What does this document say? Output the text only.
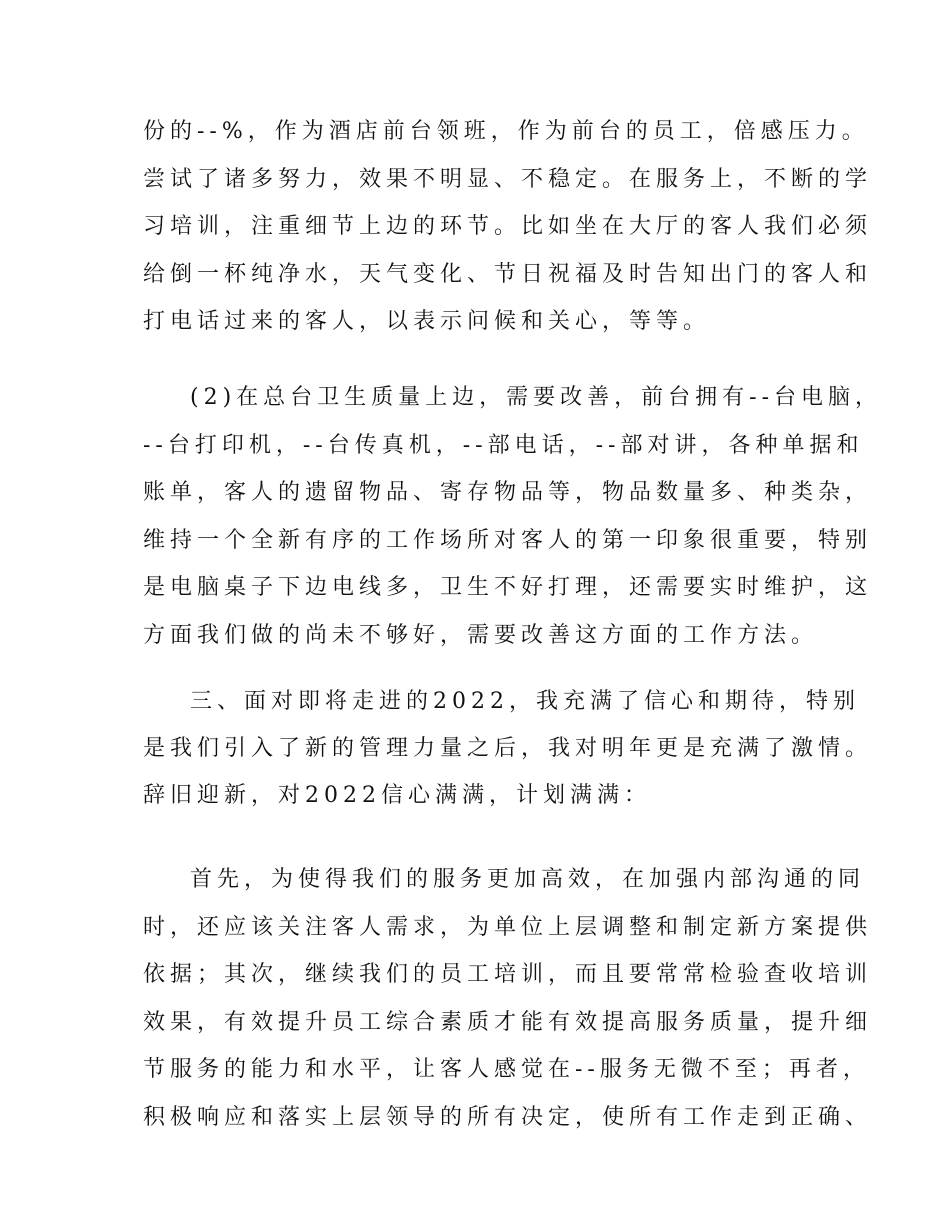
份的--%，作为酒店前台领班，作为前台的员工，倍感压力。
尝试了诸多努力，效果不明显、不稳定。在服务上，不断的学
习培训，注重细节上边的环节。比如坐在大厅的客人我们必须
给倒一杯纯净水，天气变化、节日祝福及时告知出门的客人和
打电话过来的客人，以表示问候和关心，等等。
(2)在总台卫生质量上边，需要改善，前台拥有--台电脑，
--台打印机，--台传真机，--部电话，--部对讲，各种单据和
账单，客人的遗留物品、寄存物品等，物品数量多、种类杂，
维持一个全新有序的工作场所对客人的第一印象很重要，特别
是电脑桌子下边电线多，卫生不好打理，还需要实时维护，这
方面我们做的尚未不够好，需要改善这方面的工作方法。
三、面对即将走进的2022，我充满了信心和期待，特别
是我们引入了新的管理力量之后，我对明年更是充满了激情。
辞旧迎新，对2022信心满满，计划满满：
首先，为使得我们的服务更加高效，在加强内部沟通的同
时，还应该关注客人需求，为单位上层调整和制定新方案提供
依据；其次，继续我们的员工培训，而且要常常检验查收培训
效果，有效提升员工综合素质才能有效提高服务质量，提升细
节服务的能力和水平，让客人感觉在--服务无微不至；再者，
积极响应和落实上层领导的所有决定，使所有工作走到正确、
